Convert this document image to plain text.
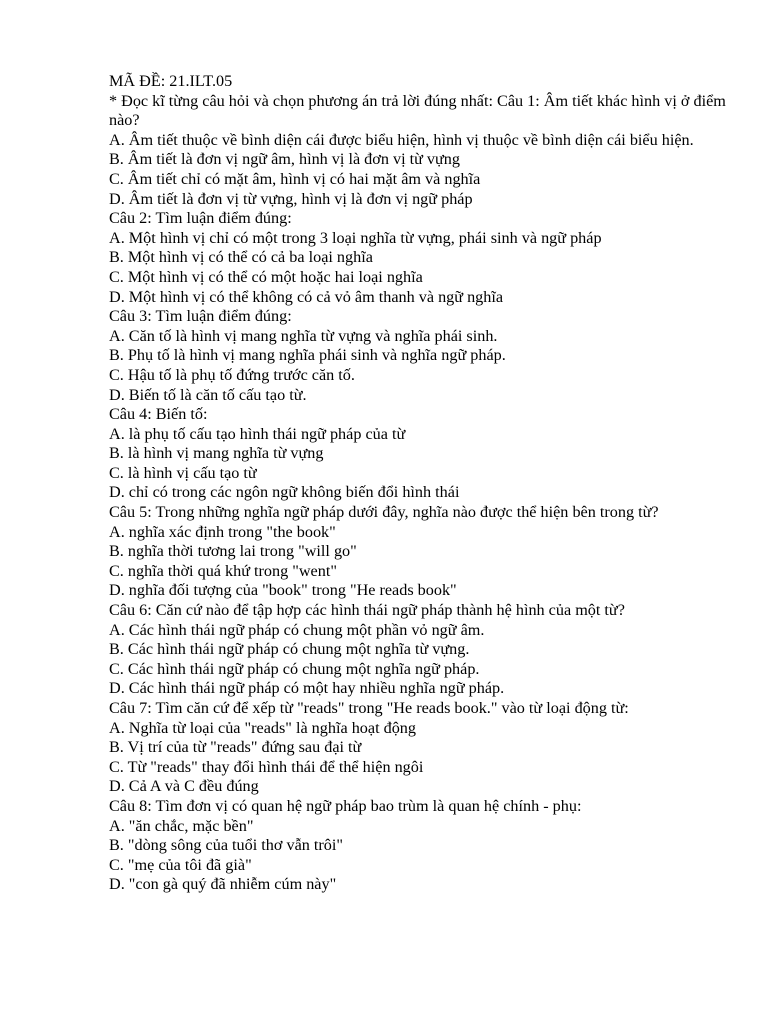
MÃ ĐỀ: 21.ILT.05

* Đọc kĩ từng câu hỏi và chọn phương án trả lời đúng nhất: Câu 1: Âm tiết khác hình vị ở điểm nào?

A. Âm tiết thuộc về bình diện cái được biểu hiện, hình vị thuộc về bình diện cái biểu hiện.

B. Âm tiết là đơn vị ngữ âm, hình vị là đơn vị từ vựng

C. Âm tiết chỉ có mặt âm, hình vị có hai mặt âm và nghĩa

D. Âm tiết là đơn vị từ vựng, hình vị là đơn vị ngữ pháp

Câu 2: Tìm luận điểm đúng:

A. Một hình vị chỉ có một trong 3 loại nghĩa từ vựng, phái sinh và ngữ pháp

B. Một hình vị có thể có cả ba loại nghĩa

C. Một hình vị có thể có một hoặc hai loại nghĩa

D. Một hình vị có thể không có cả vỏ âm thanh và ngữ nghĩa

Câu 3: Tìm luận điểm đúng:

A. Căn tố là hình vị mang nghĩa từ vựng và nghĩa phái sinh.

B. Phụ tố là hình vị mang nghĩa phái sinh và nghĩa ngữ pháp.

C. Hậu tố là phụ tố đứng trước căn tố.

D. Biến tố là căn tố cấu tạo từ.

Câu 4: Biến tố:

A. là phụ tố cấu tạo hình thái ngữ pháp của từ

B. là hình vị mang nghĩa từ vựng

C. là hình vị cấu tạo từ

D. chỉ có trong các ngôn ngữ không biến đổi hình thái

Câu 5: Trong những nghĩa ngữ pháp dưới đây, nghĩa nào được thể hiện bên trong từ?

A. nghĩa xác định trong "the book"

B. nghĩa thời tương lai trong "will go"

C. nghĩa thời quá khứ trong "went"

D. nghĩa đối tượng của "book" trong "He reads book"

Câu 6: Căn cứ nào để tập hợp các hình thái ngữ pháp thành hệ hình của một từ?

A. Các hình thái ngữ pháp có chung một phần vỏ ngữ âm.

B. Các hình thái ngữ pháp có chung một nghĩa từ vựng.

C. Các hình thái ngữ pháp có chung một nghĩa ngữ pháp.

D. Các hình thái ngữ pháp có một hay nhiều nghĩa ngữ pháp.

Câu 7: Tìm căn cứ để xếp từ "reads" trong "He reads book." vào từ loại động từ:

A. Nghĩa từ loại của "reads" là nghĩa hoạt động

B. Vị trí của từ "reads" đứng sau đại từ

C. Từ "reads" thay đổi hình thái để thể hiện ngôi

D. Cả A và C đều đúng

Câu 8: Tìm đơn vị có quan hệ ngữ pháp bao trùm là quan hệ chính - phụ:

A. "ăn chắc, mặc bền"

B. "dòng sông của tuổi thơ vẫn trôi"

C. "mẹ của tôi đã già"

D. "con gà quý đã nhiễm cúm này"
